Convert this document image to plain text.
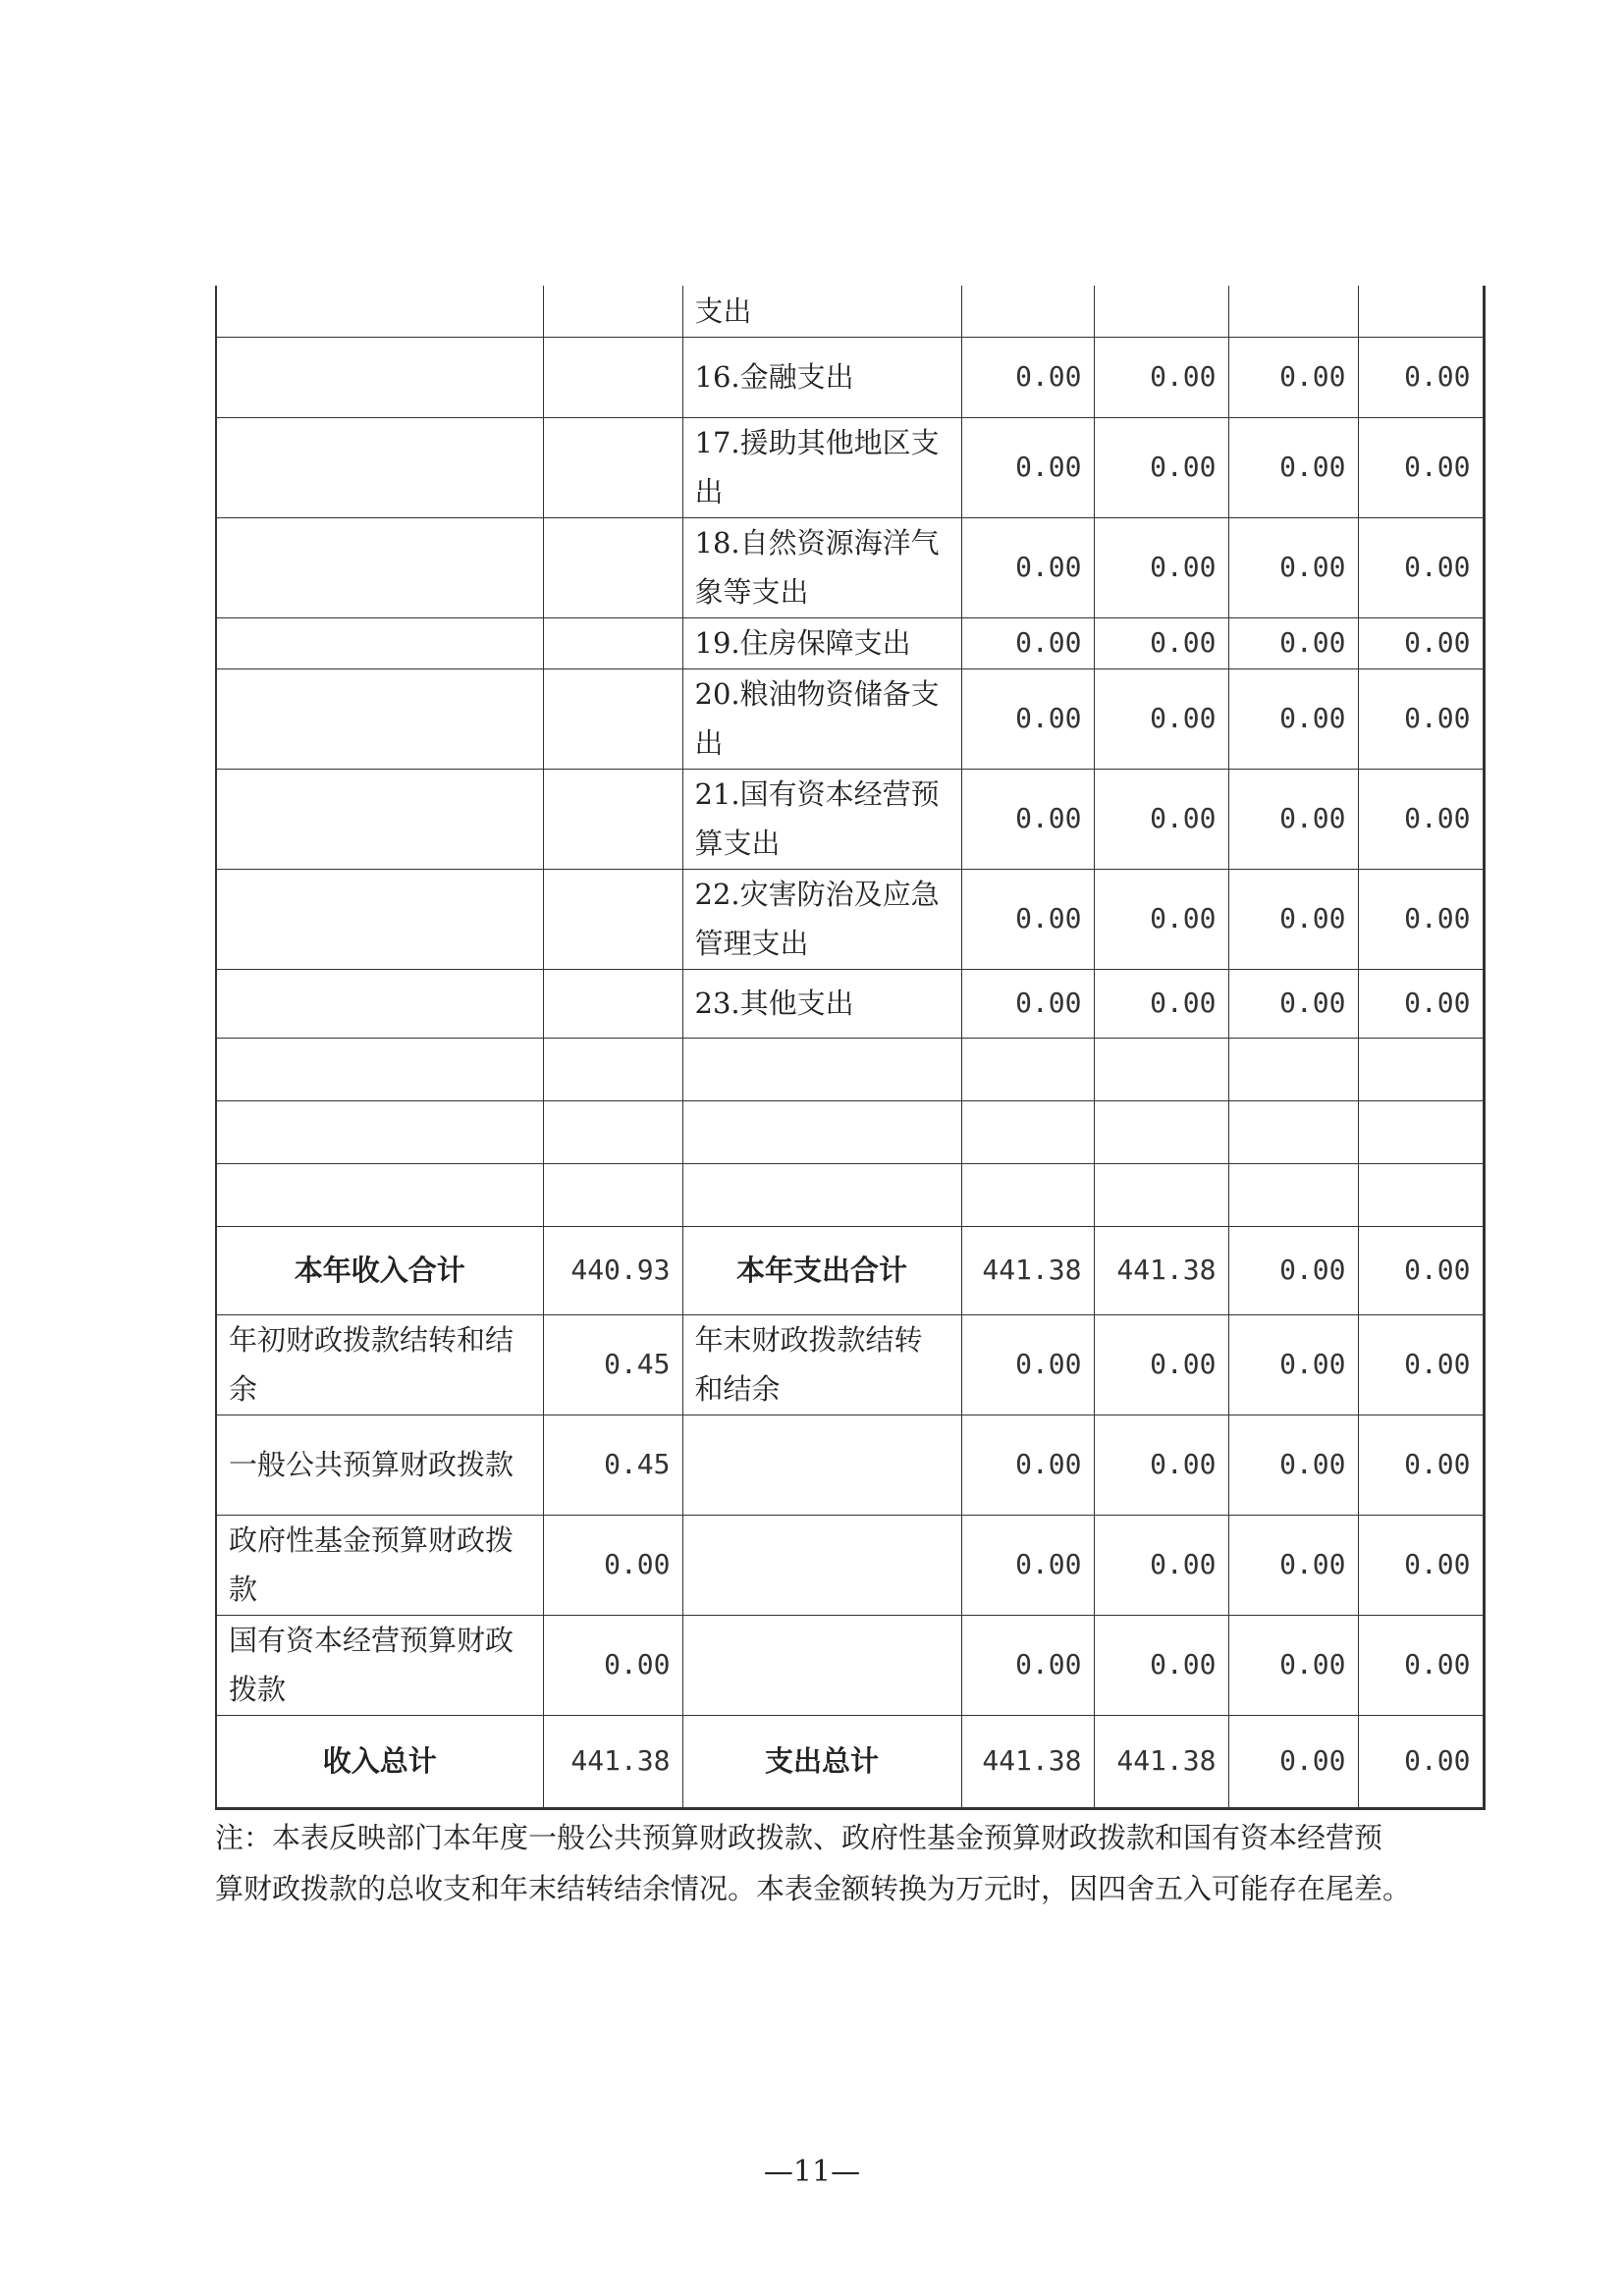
		支出				
		16.金融支出	0.00	0.00	0.00	0.00
		17.援助其他地区支出	0.00	0.00	0.00	0.00
		18.自然资源海洋气象等支出	0.00	0.00	0.00	0.00
		19.住房保障支出	0.00	0.00	0.00	0.00
		20.粮油物资储备支出	0.00	0.00	0.00	0.00
		21.国有资本经营预算支出	0.00	0.00	0.00	0.00
		22.灾害防治及应急管理支出	0.00	0.00	0.00	0.00
		23.其他支出	0.00	0.00	0.00	0.00

本年收入合计	440.93	本年支出合计	441.38	441.38	0.00	0.00
年初财政拨款结转和结余	0.45	年末财政拨款结转和结余	0.00	0.00	0.00	0.00
一般公共预算财政拨款	0.45		0.00	0.00	0.00	0.00
政府性基金预算财政拨款	0.00		0.00	0.00	0.00	0.00
国有资本经营预算财政拨款	0.00		0.00	0.00	0.00	0.00
收入总计	441.38	支出总计	441.38	441.38	0.00	0.00

注：本表反映部门本年度一般公共预算财政拨款、政府性基金预算财政拨款和国有资本经营预

算财政拨款的总收支和年末结转结余情况。本表金额转换为万元时，因四舍五入可能存在尾差。

—11—
